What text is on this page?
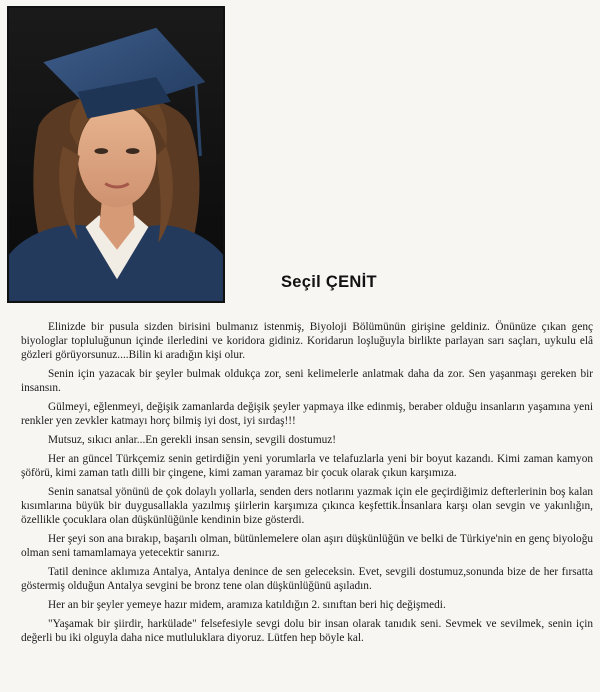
Seçil ÇENİT

Elinizde bir pusula sizden birisini bulmanız istenmiş, Biyoloji Bölümünün girişine geldiniz. Önünüze çıkan genç biyologlar topluluğunun içinde ilerledini ve koridora gidiniz. Koridarun loşluğuyla birlikte parlayan sarı saçları, uykulu elâ gözleri görüyorsunuz....Bilin ki aradığın kişi olur.

Senin için yazacak bir şeyler bulmak oldukça zor, seni kelimelerle anlatmak daha da zor. Sen yaşanmaşı gereken bir insansın.

Gülmeyi, eğlenmeyi, değişik zamanlarda değişik şeyler yapmaya ilke edinmiş, beraber olduğu insanların yaşamına yeni renkler yen zevkler katmayı horç bilmiş iyi dost, iyi sırdaş!!!

Mutsuz, sıkıcı anlar...En gerekli insan sensin, sevgili dostumuz!

Her an güncel Türkçemiz senin getirdiğin yeni yorumlarla ve telafuzlarla yeni bir boyut kazandı. Kimi zaman kamyon şöförü, kimi zaman tatlı dilli bir çingene, kimi zaman yaramaz bir çocuk olarak çıkun karşımıza.

Senin sanatsal yönünü de çok dolaylı yollarla, senden ders notlarını yazmak için ele geçirdiğimiz defterlerinin boş kalan kısımlarına büyük bir duygusallakla yazılmış şiirlerin karşımıza çıkınca keşfettik.İnsanlara karşı olan sevgin ve yakınlığın, özellikle çocuklara olan düşkünlüğünle kendinin bize gösterdi.

Her şeyi son ana bırakıp, başarılı olman, bütünlemelere olan aşırı düşkünlüğün ve belki de Türkiye'nin en genç biyoloğu olman seni tamamlamaya yetecektir sanırız.

Tatil denince aklımıza Antalya, Antalya denince de sen geleceksin. Evet, sevgili dostumuz,sonunda bize de her fırsatta göstermiş olduğun Antalya sevgini be bronz tene olan düşkünlüğünü aşıladın.

Her an bir şeyler yemeye hazır midem, aramıza katıldığın 2. sınıftan beri hiç değişmedi.

"Yaşamak bir şiirdir, harkülade" felsefesiyle sevgi dolu bir insan olarak tanıdık seni. Sevmek ve sevilmek, senin için değerli bu iki olguyla daha nice mutluluklara diyoruz. Lütfen hep böyle kal.
